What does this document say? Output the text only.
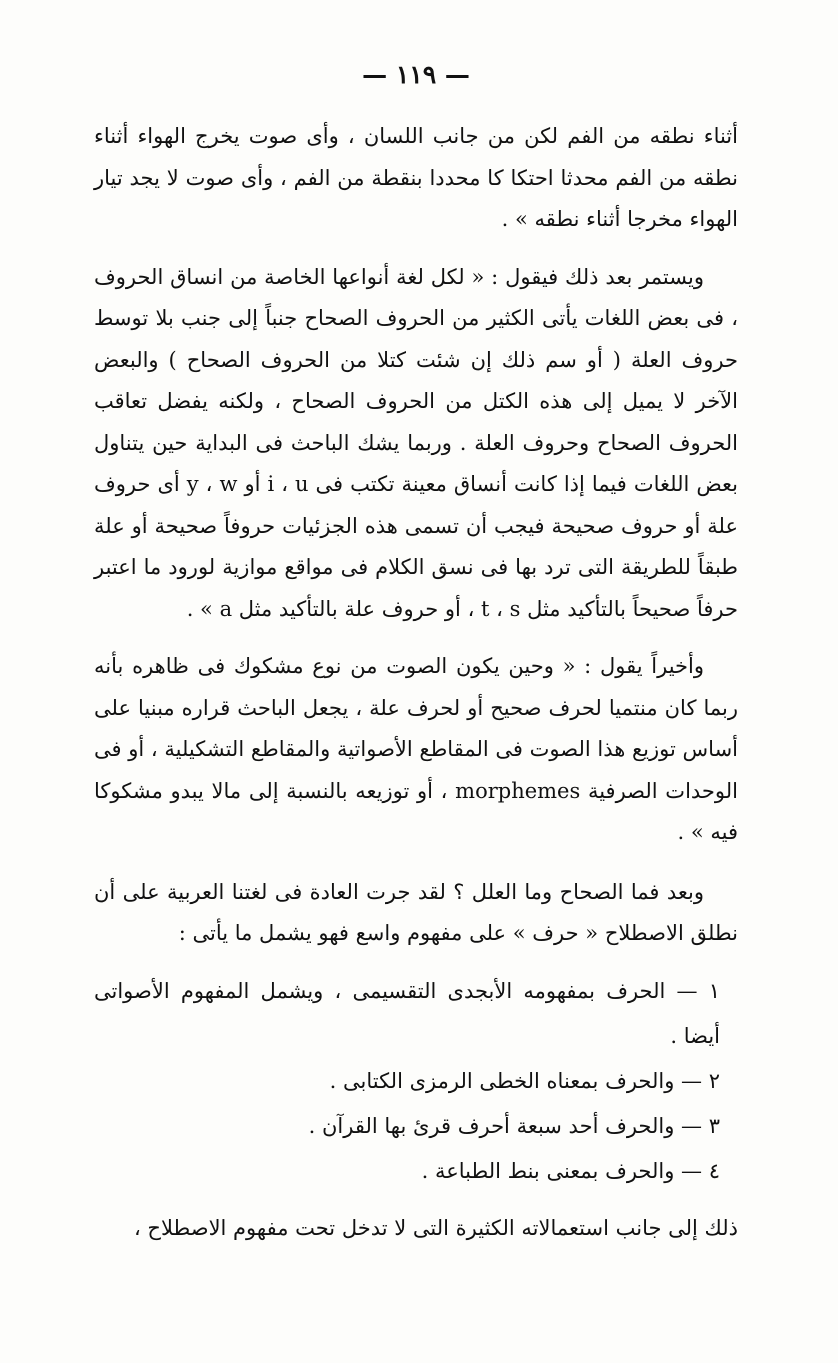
— ١١٩ —

أثناء نطقه من الفم لكن من جانب اللسان ، وأى صوت يخرج الهواء أثناء نطقه من الفم محدثا احتكا كا محددا بنقطة من الفم ، وأى صوت لا يجد تيار الهواء مخرجا أثناء نطقه » .

ويستمر بعد ذلك فيقول : « لكل لغة أنواعها الخاصة من انساق الحروف ، فى بعض اللغات يأتى الكثير من الحروف الصحاح جنباً إلى جنب بلا توسط حروف العلة ( أو سم ذلك إن شئت كتلا من الحروف الصحاح ) والبعض الآخر لا يميل إلى هذه الكتل من الحروف الصحاح ، ولكنه يفضل تعاقب الحروف الصحاح وحروف العلة . وربما يشك الباحث فى البداية حين يتناول بعض اللغات فيما إذا كانت أنساق معينة تكتب فى i ، u أو y ، w أى حروف علة أو حروف صحيحة فيجب أن تسمى هذه الجزئيات حروفاً صحيحة أو علة طبقاً للطريقة التى ترد بها فى نسق الكلام فى مواقع موازية لورود ما اعتبر حرفاً صحيحاً بالتأكيد مثل t ، s ، أو حروف علة بالتأكيد مثل a » .

وأخيراً يقول : « وحين يكون الصوت من نوع مشكوك فى ظاهره بأنه ربما كان منتميا لحرف صحيح أو لحرف علة ، يجعل الباحث قراره مبنيا على أساس توزيع هذا الصوت فى المقاطع الأصواتية والمقاطع التشكيلية ، أو فى الوحدات الصرفية morphemes ، أو توزيعه بالنسبة إلى مالا يبدو مشكوكا فيه » .

وبعد فما الصحاح وما العلل ؟ لقد جرت العادة فى لغتنا العربية على أن نطلق الاصطلاح « حرف » على مفهوم واسع فهو يشمل ما يأتى :

١ — الحرف بمفهومه الأبجدى التقسيمى ، ويشمل المفهوم الأصواتى أيضا .
٢ — والحرف بمعناه الخطى الرمزى الكتابى .
٣ — والحرف أحد سبعة أحرف قرئ بها القرآن .
٤ — والحرف بمعنى بنط الطباعة .

ذلك إلى جانب استعمالاته الكثيرة التى لا تدخل تحت مفهوم الاصطلاح ،
